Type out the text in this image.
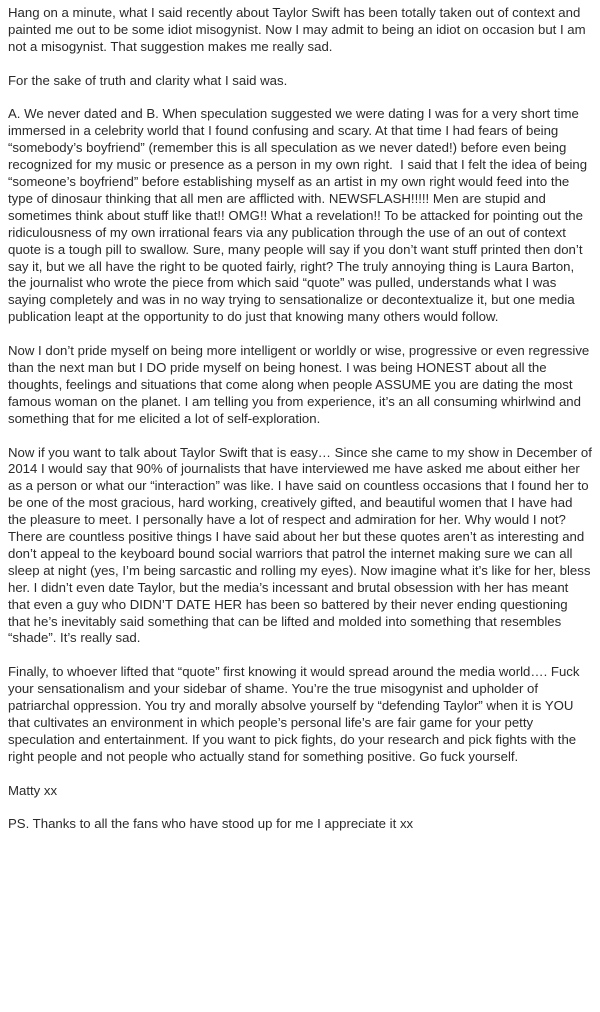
Hang on a minute, what I said recently about Taylor Swift has been totally taken out of context and painted me out to be some idiot misogynist. Now I may admit to being an idiot on occasion but I am not a misogynist. That suggestion makes me really sad.

For the sake of truth and clarity what I said was.

A. We never dated and B. When speculation suggested we were dating I was for a very short time immersed in a celebrity world that I found confusing and scary. At that time I had fears of being “somebody’s boyfriend” (remember this is all speculation as we never dated!) before even being recognized for my music or presence as a person in my own right.  I said that I felt the idea of being “someone’s boyfriend” before establishing myself as an artist in my own right would feed into the type of dinosaur thinking that all men are afflicted with. NEWSFLASH!!!!! Men are stupid and sometimes think about stuff like that!! OMG!! What a revelation!! To be attacked for pointing out the ridiculousness of my own irrational fears via any publication through the use of an out of context quote is a tough pill to swallow. Sure, many people will say if you don’t want stuff printed then don’t say it, but we all have the right to be quoted fairly, right? The truly annoying thing is Laura Barton, the journalist who wrote the piece from which said “quote” was pulled, understands what I was saying completely and was in no way trying to sensationalize or decontextualize it, but one media publication leapt at the opportunity to do just that knowing many others would follow.

Now I don’t pride myself on being more intelligent or worldly or wise, progressive or even regressive than the next man but I DO pride myself on being honest. I was being HONEST about all the thoughts, feelings and situations that come along when people ASSUME you are dating the most famous woman on the planet. I am telling you from experience, it’s an all consuming whirlwind and something that for me elicited a lot of self-exploration.

Now if you want to talk about Taylor Swift that is easy… Since she came to my show in December of 2014 I would say that 90% of journalists that have interviewed me have asked me about either her as a person or what our “interaction” was like. I have said on countless occasions that I found her to be one of the most gracious, hard working, creatively gifted, and beautiful women that I have had the pleasure to meet. I personally have a lot of respect and admiration for her. Why would I not? There are countless positive things I have said about her but these quotes aren’t as interesting and don’t appeal to the keyboard bound social warriors that patrol the internet making sure we can all sleep at night (yes, I’m being sarcastic and rolling my eyes). Now imagine what it’s like for her, bless her. I didn’t even date Taylor, but the media’s incessant and brutal obsession with her has meant that even a guy who DIDN’T DATE HER has been so battered by their never ending questioning that he’s inevitably said something that can be lifted and molded into something that resembles “shade”. It’s really sad.

Finally, to whoever lifted that “quote” first knowing it would spread around the media world…. Fuck your sensationalism and your sidebar of shame. You’re the true misogynist and upholder of patriarchal oppression. You try and morally absolve yourself by “defending Taylor” when it is YOU that cultivates an environment in which people’s personal life’s are fair game for your petty speculation and entertainment. If you want to pick fights, do your research and pick fights with the right people and not people who actually stand for something positive. Go fuck yourself.

Matty xx

PS. Thanks to all the fans who have stood up for me I appreciate it xx
